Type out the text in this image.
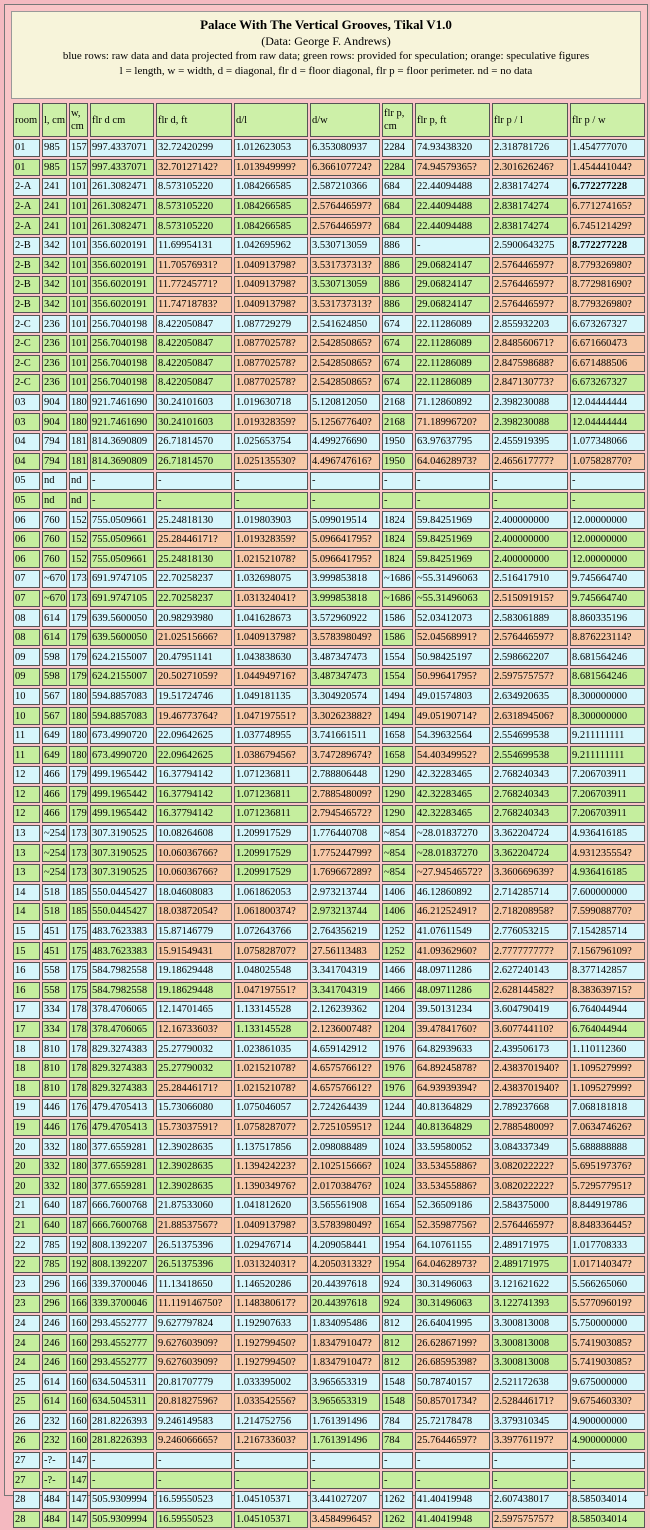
Palace With The Vertical Grooves, Tikal V1.0
(Data: George F. Andrews)
blue rows: raw data and data projected from raw data; green rows: provided for speculation; orange: speculative figures
l = length, w = width, d = diagonal, flr d = floor diagonal, flr p = floor perimeter. nd = no data
room	l, cm	w, cm	flr d cm	flr d, ft	d/l	d/w	flr p, cm	flr p, ft	flr p / l	flr p / w
01	985	157	997.4337071	32.72420299	1.012623053	6.353080937	2284	74.93438320	2.318781726	1.454777070
01	985	157	997.4337071	32.70127142?	1.013949999?	6.366107724?	2284	74.94579365?	2.301626246?	1.454441044?
2-A	241	101	261.3082471	8.573105220	1.084266585	2.587210366	684	22.44094488	2.838174274	6.772277228
2-A	241	101	261.3082471	8.573105220	1.084266585	2.576446597?	684	22.44094488	2.838174274	6.771274165?
2-A	241	101	261.3082471	8.573105220	1.084266585	2.576446597?	684	22.44094488	2.838174274	6.745121429?
2-B	342	101	356.6020191	11.69954131	1.042695962	3.530713059	886	-	2.5900643275	8.772277228
2-B	342	101	356.6020191	11.70576931?	1.040913798?	3.531737313?	886	29.06824147	2.576446597?	8.779326980?
2-B	342	101	356.6020191	11.77245771?	1.040913798?	3.530713059	886	29.06824147	2.576446597?	8.772981690?
2-B	342	101	356.6020191	11.74718783?	1.040913798?	3.531737313?	886	29.06824147	2.576446597?	8.779326980?
2-C	236	101	256.7040198	8.422050847	1.087729279	2.541624850	674	22.11286089	2.855932203	6.673267327
2-C	236	101	256.7040198	8.422050847	1.087702578?	2.542850865?	674	22.11286089	2.848560671?	6.671660473
2-C	236	101	256.7040198	8.422050847	1.087702578?	2.542850865?	674	22.11286089	2.847598688?	6.671488506
2-C	236	101	256.7040198	8.422050847	1.087702578?	2.542850865?	674	22.11286089	2.847130773?	6.673267327
03	904	180	921.7461690	30.24101603	1.019630718	5.120812050	2168	71.12860892	2.398230088	12.04444444
03	904	180	921.7461690	30.24101603	1.019328359?	5.125677640?	2168	71.18996720?	2.398230088	12.04444444
04	794	181	814.3690809	26.71814570	1.025653754	4.499276690	1950	63.97637795	2.455919395	1.077348066
04	794	181	814.3690809	26.71814570	1.025135530?	4.496747616?	1950	64.04628973?	2.465617777?	1.075828770?
05	nd	nd	-	-	-	-	-	-	-	-
05	nd	nd	-	-	-	-	-	-	-	-
06	760	152	755.0509661	25.24818130	1.019803903	5.099019514	1824	59.84251969	2.400000000	12.00000000
06	760	152	755.0509661	25.28446171?	1.019328359?	5.096641795?	1824	59.84251969	2.400000000	12.00000000
06	760	152	755.0509661	25.24818130	1.021521078?	5.096641795?	1824	59.84251969	2.400000000	12.00000000
07	~670	173	691.9747105	22.70258237	1.032698075	3.999853818	~1686	~55.31496063	2.516417910	9.745664740
07	~670	173	691.9747105	22.70258237	1.031324041?	3.999853818	~1686	~55.31496063	2.515091915?	9.745664740
08	614	179	639.5600050	20.98293980	1.041628673	3.572960922	1586	52.03412073	2.583061889	8.860335196
08	614	179	639.5600050	21.02515666?	1.040913798?	3.578398049?	1586	52.04568991?	2.576446597?	8.876223114?
09	598	179	624.2155007	20.47951141	1.043838630	3.487347473	1554	50.98425197	2.598662207	8.681564246
09	598	179	624.2155007	20.50271059?	1.044949716?	3.487347473	1554	50.99641795?	2.597575757?	8.681564246
10	567	180	594.8857083	19.51724746	1.049181135	3.304920574	1494	49.01574803	2.634920635	8.300000000
10	567	180	594.8857083	19.46773764?	1.047197551?	3.302623882?	1494	49.05190714?	2.631894506?	8.300000000
11	649	180	673.4990720	22.09642625	1.037748955	3.741661511	1658	54.39632564	2.554699538	9.211111111
11	649	180	673.4990720	22.09642625	1.038679456?	3.747289674?	1658	54.40349952?	2.554699538	9.211111111
12	466	179	499.1965442	16.37794142	1.071236811	2.788806448	1290	42.32283465	2.768240343	7.206703911
12	466	179	499.1965442	16.37794142	1.071236811	2.788548009?	1290	42.32283465	2.768240343	7.206703911
12	466	179	499.1965442	16.37794142	1.071236811	2.794546572?	1290	42.32283465	2.768240343	7.206703911
13	~254	173	307.3190525	10.08264608	1.209917529	1.776440708	~854	~28.01837270	3.362204724	4.936416185
13	~254	173	307.3190525	10.06036766?	1.209917529	1.775244799?	~854	~28.01837270	3.362204724	4.931235554?
13	~254	173	307.3190525	10.06036766?	1.209917529	1.769667289?	~854	~27.94546572?	3.360669639?	4.936416185
14	518	185	550.0445427	18.04608083	1.061862053	2.973213744	1406	46.12860892	2.714285714	7.600000000
14	518	185	550.0445427	18.03872054?	1.061800374?	2.973213744	1406	46.21252491?	2.718208958?	7.599088770?
15	451	175	483.7623383	15.87146779	1.072643766	2.764356219	1252	41.07611549	2.776053215	7.154285714
15	451	175	483.7623383	15.91549431	1.075828707?	27.56113483	1252	41.09362960?	2.777777777?	7.156796109?
16	558	175	584.7982558	19.18629448	1.048025548	3.341704319	1466	48.09711286	2.627240143	8.377142857
16	558	175	584.7982558	19.18629448	1.047197551?	3.341704319	1466	48.09711286	2.628144582?	8.383639715?
17	334	178	378.4706065	12.14701465	1.133145528	2.126239362	1204	39.50131234	3.604790419	6.764044944
17	334	178	378.4706065	12.16733603?	1.133145528	2.123600748?	1204	39.47841760?	3.607744110?	6.764044944
18	810	178	829.3274383	25.27790032	1.023861035	4.659142912	1976	64.82939633	2.439506173	1.110112360
18	810	178	829.3274383	25.27790032	1.021521078?	4.657576612?	1976	64.89245878?	2.4383701940?	1.109527999?
18	810	178	829.3274383	25.28446171?	1.021521078?	4.657576612?	1976	64.93939394?	2.4383701940?	1.109527999?
19	446	176	479.4705413	15.73066080	1.075046057	2.724264439	1244	40.81364829	2.789237668	7.068181818
19	446	176	479.4705413	15.73037591?	1.075828707?	2.725105951?	1244	40.81364829	2.788548009?	7.063474626?
20	332	180	377.6559281	12.39028635	1.137517856	2.098088489	1024	33.59580052	3.084337349	5.688888888
20	332	180	377.6559281	12.39028635	1.139424223?	2.102515666?	1024	33.53455886?	3.082022222?	5.695197376?
20	332	180	377.6559281	12.39028635	1.139034976?	2.017038476?	1024	33.53455886?	3.082022222?	5.729577951?
21	640	187	666.7600768	21.87533060	1.041812620	3.565561908	1654	52.36509186	2.584375000	8.844919786
21	640	187	666.7600768	21.88537567?	1.040913798?	3.578398049?	1654	52.35987756?	2.576446597?	8.848336445?
22	785	192	808.1392207	26.51375396	1.029476714	4.209058441	1954	64.10761155	2.489171975	1.017708333
22	785	192	808.1392207	26.51375396	1.031324031?	4.205031332?	1954	64.04628973?	2.489171975	1.017140347?
23	296	166	339.3700046	11.13418650	1.146520286	20.44397618	924	30.31496063	3.121621622	5.566265060
23	296	166	339.3700046	11.119146750?	1.148380617?	20.44397618	924	30.31496063	3.122741393	5.577096019?
24	246	160	293.4552777	9.627797824	1.192907633	1.834095486	812	26.64041995	3.300813008	5.750000000
24	246	160	293.4552777	9.627603909?	1.192799450?	1.834791047?	812	26.62867199?	3.300813008	5.741903085?
24	246	160	293.4552777	9.627603909?	1.192799450?	1.834791047?	812	26.68595398?	3.300813008	5.741903085?
25	614	160	634.5045311	20.81707779	1.033395002	3.965653319	1548	50.78740157	2.521172638	9.675000000
25	614	160	634.5045311	20.81827596?	1.033542556?	3.965653319	1548	50.85701734?	2.528446171?	9.675460330?
26	232	160	281.8226393	9.246149583	1.214752756	1.761391496	784	25.72178478	3.379310345	4.900000000
26	232	160	281.8226393	9.246066665?	1.216733603?	1.761391496	784	25.76446597?	3.397761197?	4.900000000
27	-?-	147	-	-	-	-	-	-	-	-
27	-?-	147	-	-	-	-	-	-	-	-
28	484	147	505.9309994	16.59550523	1.045105371	3.441027207	1262	41.40419948	2.607438017	8.585034014
28	484	147	505.9309994	16.59550523	1.045105371	3.458499645?	1262	41.40419948	2.597575757?	8.585034014
